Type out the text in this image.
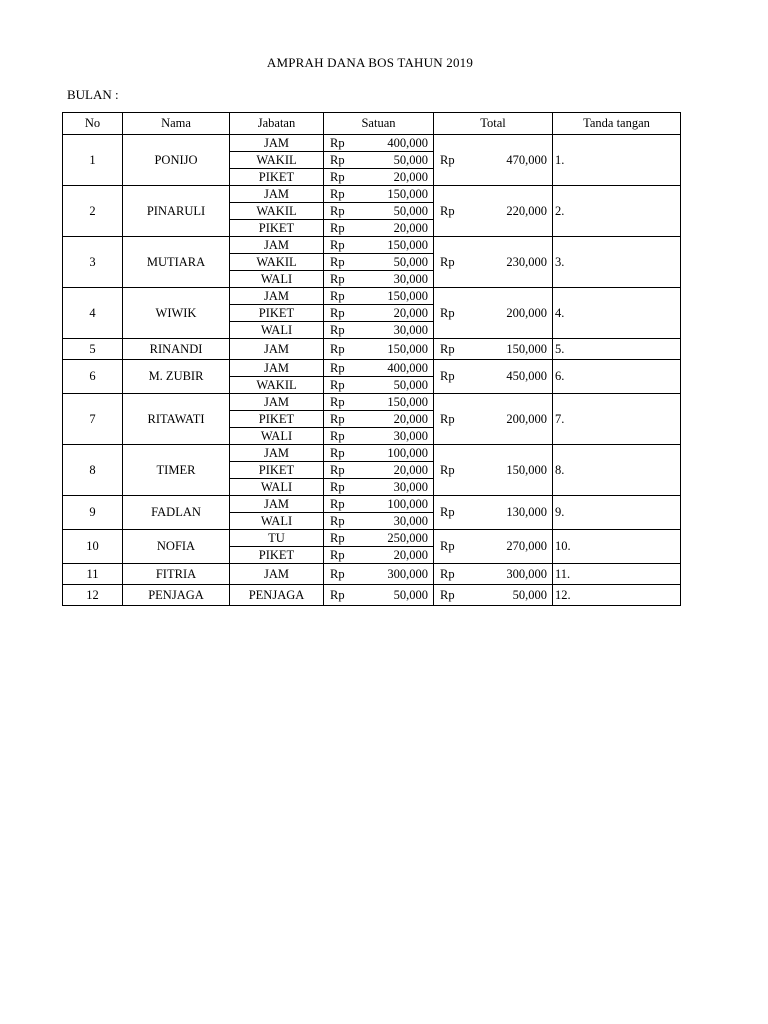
AMPRAH DANA BOS TAHUN 2019
BULAN :
No	Nama	Jabatan	Satuan	Total	Tanda tangan
1	PONIJO	JAM	Rp 400,000	Rp 470,000	1.
		WAKIL	Rp 50,000		

		PIKET	Rp 20,000		

2	PINARULI	JAM	Rp 150,000	Rp 220,000	2.
		WAKIL	Rp 50,000		

		PIKET	Rp 20,000		

3	MUTIARA	JAM	Rp 150,000	Rp 230,000	3.
		WAKIL	Rp 50,000		

		WALI	Rp 30,000		

4	WIWIK	JAM	Rp 150,000	Rp 200,000	4.
		PIKET	Rp 20,000		

		WALI	Rp 30,000		

5	RINANDI	JAM	Rp 150,000	Rp 150,000	5.
6	M. ZUBIR	JAM	Rp 400,000	Rp 450,000	6.
		WAKIL	Rp 50,000		

7	RITAWATI	JAM	Rp 150,000	Rp 200,000	7.
		PIKET	Rp 20,000		

		WALI	Rp 30,000		

8	TIMER	JAM	Rp 100,000	Rp 150,000	8.
		PIKET	Rp 20,000		

		WALI	Rp 30,000		

9	FADLAN	JAM	Rp 100,000	Rp 130,000	9.
		WALI	Rp 30,000		

10	NOFIA	TU	Rp 250,000	Rp 270,000	10.
		PIKET	Rp 20,000		

11	FITRIA	JAM	Rp 300,000	Rp 300,000	11.
12	PENJAGA	PENJAGA	Rp 50,000	Rp 50,000	12.
